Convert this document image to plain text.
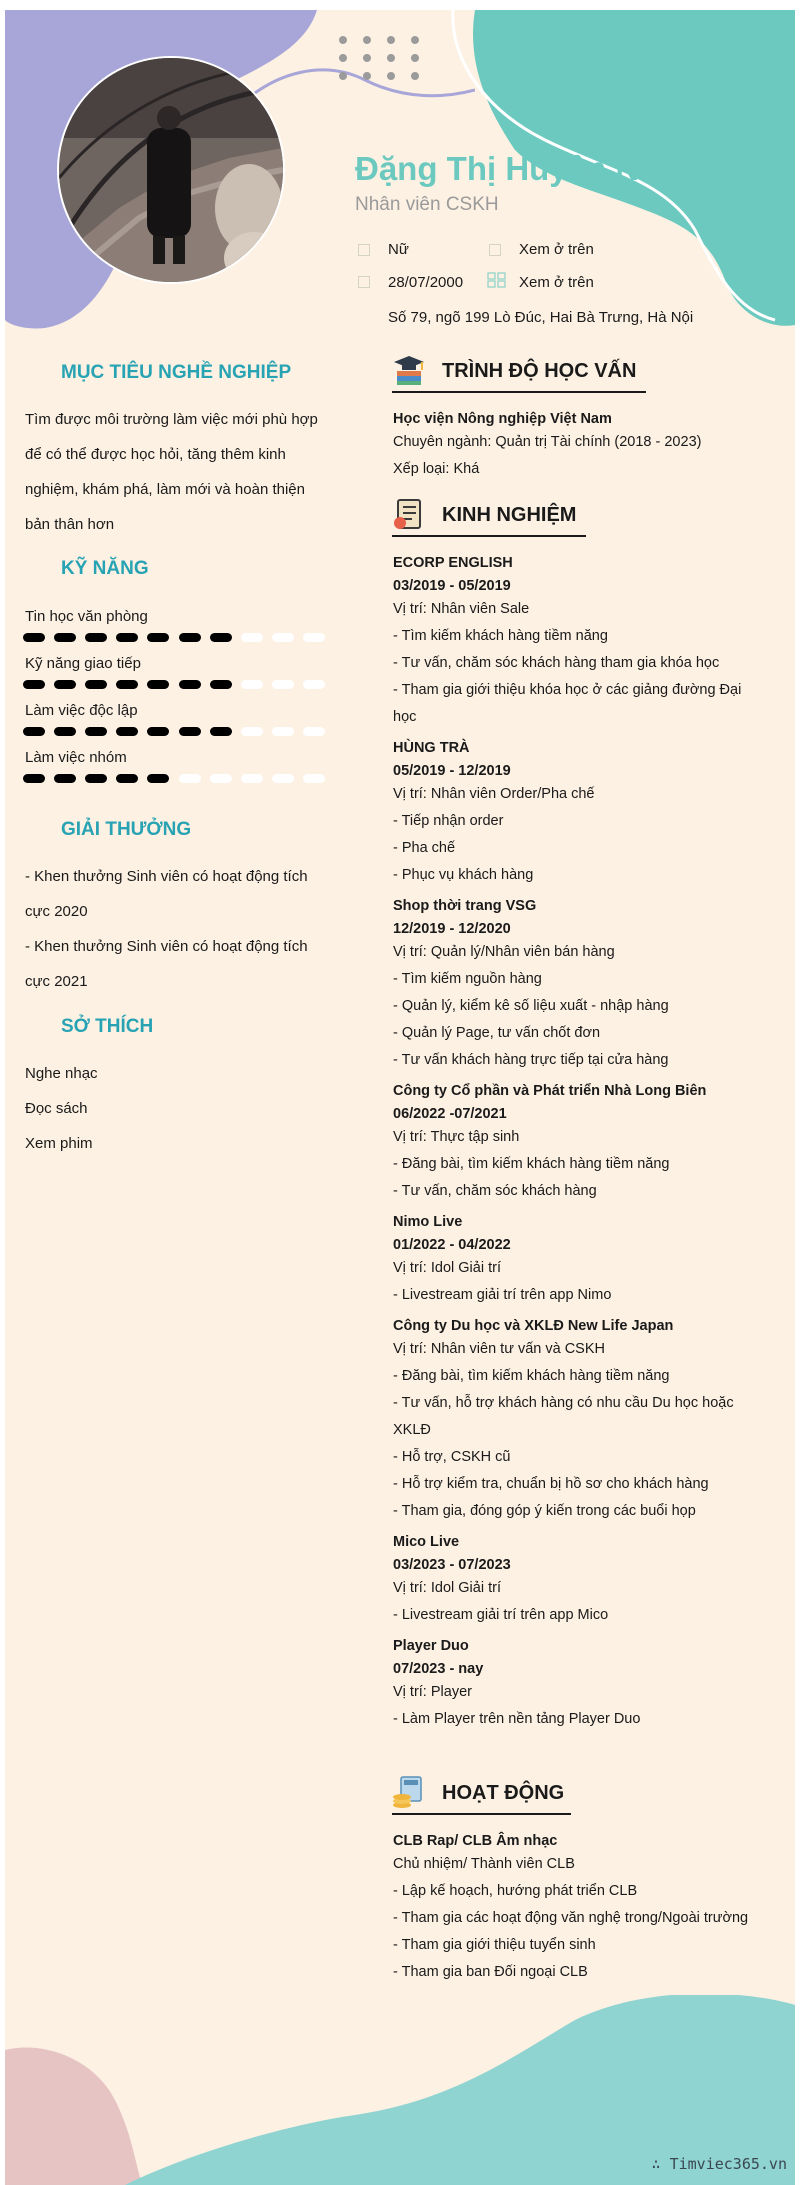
Đặng Thị Huyền Nhi
Nhân viên CSKH
Nữ	Xem ở trên
28/07/2000	Xem ở trên
Số 79, ngõ 199 Lò Đúc, Hai Bà Trưng, Hà Nội
MỤC TIÊU NGHỀ NGHIỆP
Tìm được môi trường làm việc mới phù hợp
để có thể được học hỏi, tăng thêm kinh
nghiệm, khám phá, làm mới và hoàn thiện
bản thân hơn
KỸ NĂNG
Tin học văn phòng
Kỹ năng giao tiếp
Làm việc độc lập
Làm việc nhóm
GIẢI THƯỞNG
- Khen thưởng Sinh viên có hoạt động tích
cực 2020
- Khen thưởng Sinh viên có hoạt động tích
cực 2021
SỞ THÍCH
Nghe nhạc
Đọc sách
Xem phim
TRÌNH ĐỘ HỌC VẤN
Học viện Nông nghiệp Việt Nam
Chuyên ngành: Quản trị Tài chính (2018 - 2023)
Xếp loại: Khá
KINH NGHIỆM
ECORP ENGLISH
03/2019 - 05/2019
Vị trí: Nhân viên Sale
- Tìm kiếm khách hàng tiềm năng
- Tư vấn, chăm sóc khách hàng tham gia khóa học
- Tham gia giới thiệu khóa học ở các giảng đường Đại
học
HÙNG TRÀ
05/2019 - 12/2019
Vị trí: Nhân viên Order/Pha chế
- Tiếp nhận order
- Pha chế
- Phục vụ khách hàng
Shop thời trang VSG
12/2019 - 12/2020
Vị trí: Quản lý/Nhân viên bán hàng
- Tìm kiếm nguồn hàng
- Quản lý, kiểm kê số liệu xuất - nhập hàng
- Quản lý Page, tư vấn chốt đơn
- Tư vấn khách hàng trực tiếp tại cửa hàng
Công ty Cổ phần và Phát triển Nhà Long Biên
06/2022 -07/2021
Vị trí: Thực tập sinh
- Đăng bài, tìm kiếm khách hàng tiềm năng
- Tư vấn, chăm sóc khách hàng
Nimo Live
01/2022 - 04/2022
Vị trí: Idol Giải trí
- Livestream giải trí trên app Nimo
Công ty Du học và XKLĐ New Life Japan
Vị trí: Nhân viên tư vấn và CSKH
- Đăng bài, tìm kiếm khách hàng tiềm năng
- Tư vấn, hỗ trợ khách hàng có nhu cầu Du học hoặc
XKLĐ
- Hỗ trợ, CSKH cũ
- Hỗ trợ kiểm tra, chuẩn bị hồ sơ cho khách hàng
- Tham gia, đóng góp ý kiến trong các buổi họp
Mico Live
03/2023 - 07/2023
Vị trí: Idol Giải trí
- Livestream giải trí trên app Mico
Player Duo
07/2023 - nay
Vị trí: Player
- Làm Player trên nền tảng Player Duo
HOẠT ĐỘNG
CLB Rap/ CLB Âm nhạc
Chủ nhiệm/ Thành viên CLB
- Lập kế hoạch, hướng phát triển CLB
- Tham gia các hoạt động văn nghệ trong/Ngoài trường
- Tham gia giới thiệu tuyển sinh
- Tham gia ban Đối ngoại CLB
∴ Timviec365.vn
